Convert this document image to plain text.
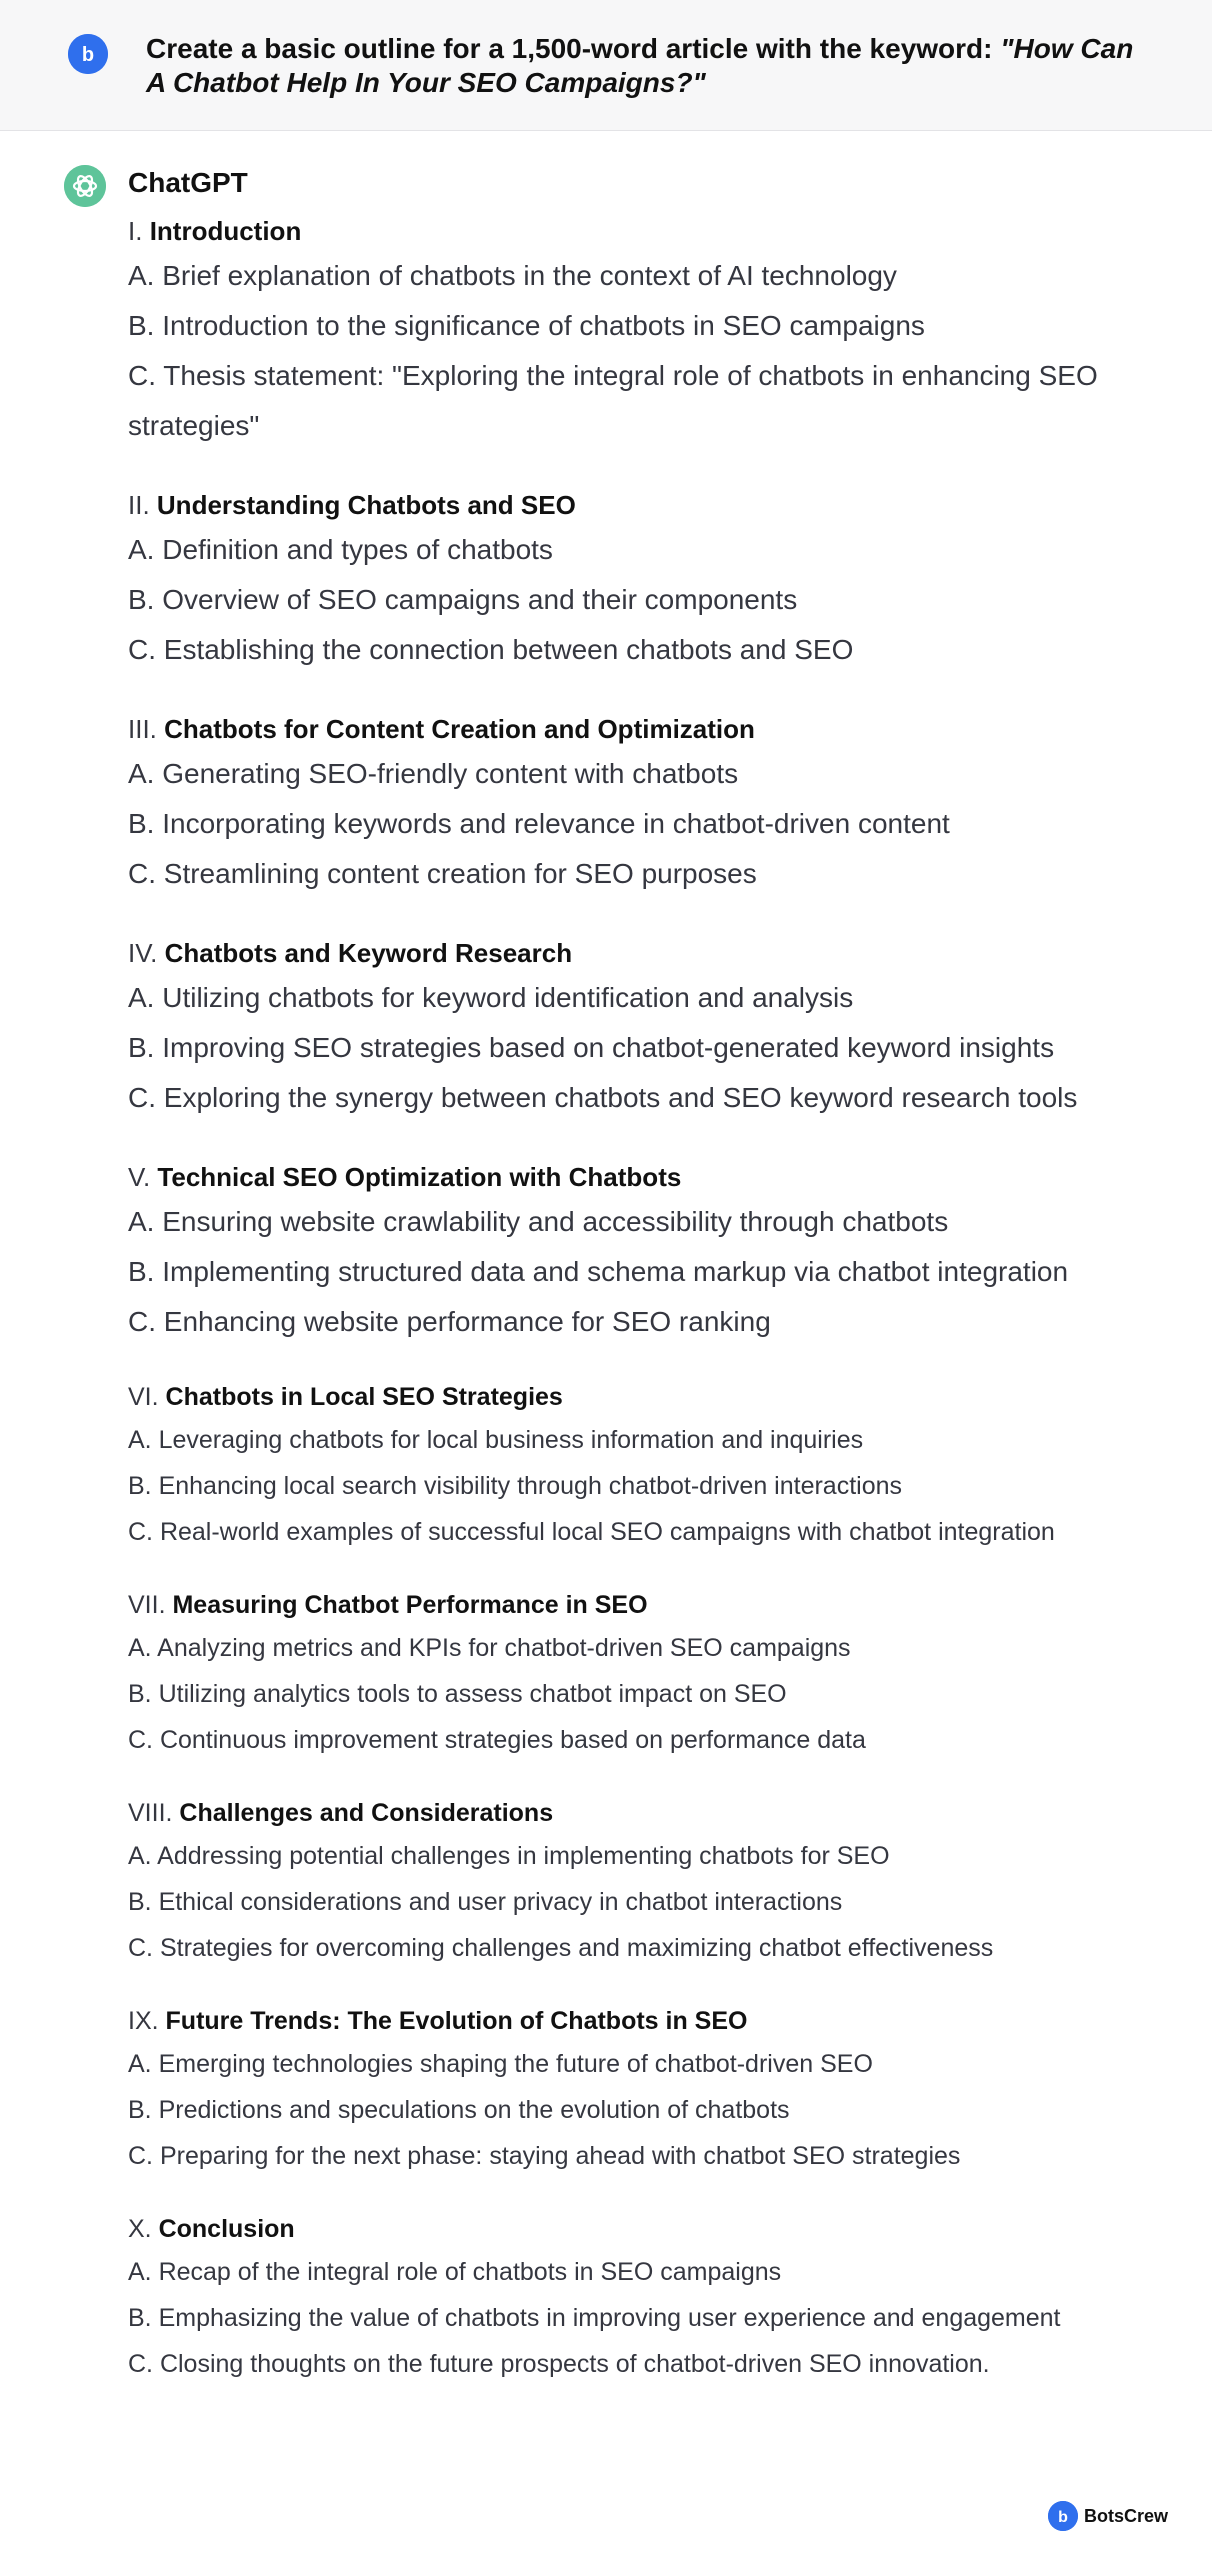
b Create a basic outline for a 1,500-word article with the keyword: "How Can A Chatbot Help In Your SEO Campaigns?"
ChatGPT
I. Introduction
A. Brief explanation of chatbots in the context of AI technology
B. Introduction to the significance of chatbots in SEO campaigns
C. Thesis statement: "Exploring the integral role of chatbots in enhancing SEO strategies"
II. Understanding Chatbots and SEO
A. Definition and types of chatbots
B. Overview of SEO campaigns and their components
C. Establishing the connection between chatbots and SEO
III. Chatbots for Content Creation and Optimization
A. Generating SEO-friendly content with chatbots
B. Incorporating keywords and relevance in chatbot-driven content
C. Streamlining content creation for SEO purposes
IV. Chatbots and Keyword Research
A. Utilizing chatbots for keyword identification and analysis
B. Improving SEO strategies based on chatbot-generated keyword insights
C. Exploring the synergy between chatbots and SEO keyword research tools
V. Technical SEO Optimization with Chatbots
A. Ensuring website crawlability and accessibility through chatbots
B. Implementing structured data and schema markup via chatbot integration
C. Enhancing website performance for SEO ranking
VI. Chatbots in Local SEO Strategies
A. Leveraging chatbots for local business information and inquiries
B. Enhancing local search visibility through chatbot-driven interactions
C. Real-world examples of successful local SEO campaigns with chatbot integration
VII. Measuring Chatbot Performance in SEO
A. Analyzing metrics and KPIs for chatbot-driven SEO campaigns
B. Utilizing analytics tools to assess chatbot impact on SEO
C. Continuous improvement strategies based on performance data
VIII. Challenges and Considerations
A. Addressing potential challenges in implementing chatbots for SEO
B. Ethical considerations and user privacy in chatbot interactions
C. Strategies for overcoming challenges and maximizing chatbot effectiveness
IX. Future Trends: The Evolution of Chatbots in SEO
A. Emerging technologies shaping the future of chatbot-driven SEO
B. Predictions and speculations on the evolution of chatbots
C. Preparing for the next phase: staying ahead with chatbot SEO strategies
X. Conclusion
A. Recap of the integral role of chatbots in SEO campaigns
B. Emphasizing the value of chatbots in improving user experience and engagement
C. Closing thoughts on the future prospects of chatbot-driven SEO innovation.
b BotsCrew
